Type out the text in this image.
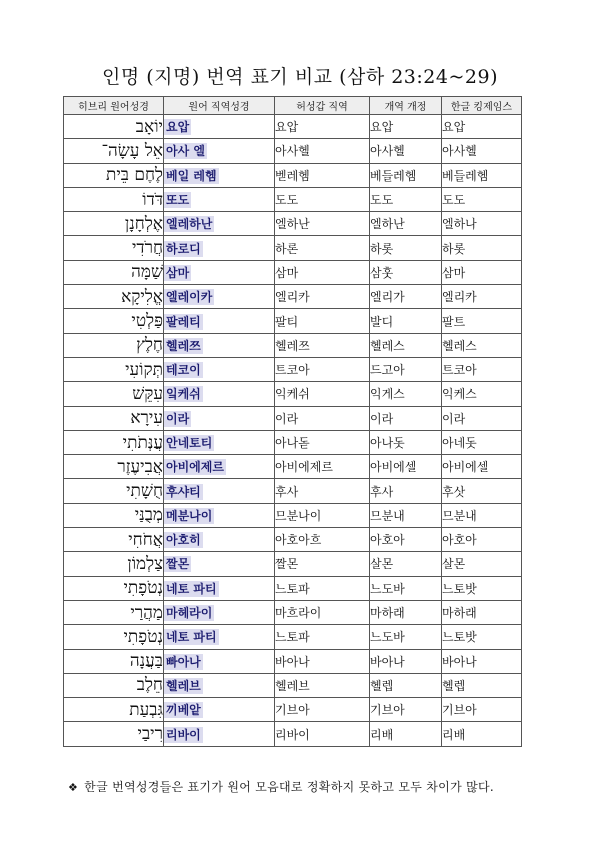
인명 (지명) 번역 표기 비교 (삼하 23:24~29)
히브리 원어성경	원어 직역성경	허성갑 직역	개역 개정	한글 킹제임스
יוֹאָב	요압	요압	요압	요압
אֵל עָשָׂה־	아사 엘	아사헬	아사헬	아사헬
לֶחֶם בֵּית	베일 레헴	벧레헴	베들레헴	베들레헴
דֹּדוֹ	또도	도도	도도	도도
אֶלְחָנָן	엘레하난	엘하난	엘하난	엘하나
חֲרֹדִי	하로디	하론	하롯	하롯
שַׁמָּה	삼마	삼마	삼훗	삼마
אֱלִיקָא	엘레이카	엘리카	엘리가	엘리카
פַּלְטִי	팔레티	팔티	발디	팔트
חֶלֶץ	헬레쯔	헬레쯔	헬레스	헬레스
תְּקוֹעִי	테코이	트코아	드고아	트코아
עִקֵּשׁ	잌케쉬	익케쉬	익게스	익케스
עִירָא	이라	이라	이라	이라
עֲנְּתֹתִי	안네토티	아나돋	아나돗	아네돗
אֲבִיעֶזֶר	아비에제르	아비에제르	아비에셀	아비에셀
חֻשָׁתִי	후샤티	후사	후사	후삿
מְבֻנַּי	메분나이	므분나이	므분내	므분내
אֲחֹחִי	아호히	아호아흐	아호아	아호아
צַלְמוֹן	짤몬	짤몬	살몬	살몬
נְטֹפָתִי	네토 파티	느토파	느도바	느토밧
מַהֲרַי	마헤라이	마흐라이	마하래	마하래
נְטֹפָתִי	네토 파티	느토파	느도바	느토밧
בַּעֲנָה	빠아나	바아나	바아나	바아나
חֵלֶב	헬레브	헬레브	헬렙	헬렙
גִּבְעַת	끼베앝	기브아	기브아	기브아
רִיבַי	리바이	리바이	리배	리배
❖ 한글 번역성경들은 표기가 원어 모음대로 정확하지 못하고 모두 차이가 많다.
